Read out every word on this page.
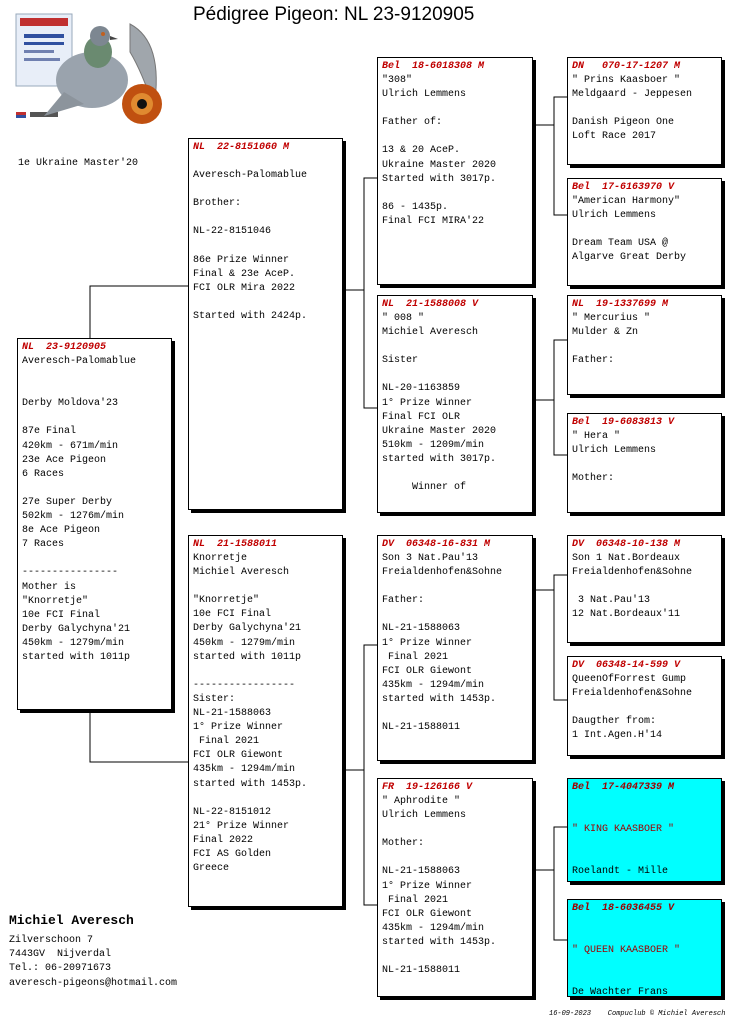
Pédigree Pigeon: NL 23-9120905
1e Ukraine Master'20
NL  23-9120905
Averesch-Palomablue

Derby Moldova'23

87e Final
420km - 671m/min
23e Ace Pigeon
6 Races

27e Super Derby
502km - 1276m/min
8e Ace Pigeon
7 Races

----------------
Mother is
"Knorretje"
10e FCI Final
Derby Galychyna'21
450km - 1279m/min
started with 1011p
NL  22-8151060 M

Averesch-Palomablue

Brother:

NL-22-8151046

86e Prize Winner
Final & 23e AceP.
FCI OLR Mira 2022

Started with 2424p.
NL  21-1588011
Knorretje
Michiel Averesch

"Knorretje"
10e FCI Final
Derby Galychyna'21
450km - 1279m/min
started with 1011p

-----------------
Sister:
NL-21-1588063
1° Prize Winner
Final 2021
FCI OLR Giewont
435km - 1294m/min
started with 1453p.

NL-22-8151012
21° Prize Winner
Final 2022
FCI AS Golden
Greece
Bel  18-6018308 M
"308"
Ulrich Lemmens

Father of:

13 & 20 AceP.
Ukraine Master 2020
Started with 3017p.

86 - 1435p.
Final FCI MIRA'22
NL  21-1588008 V
" 008 "
Michiel Averesch

Sister

NL-20-1163859
1° Prize Winner
Final FCI OLR
Ukraine Master 2020
510km - 1209m/min
started with 3017p.

Winner of
DV  06348-16-831 M
Son 3 Nat.Pau'13
Freialdenhofen&Sohne

Father:

NL-21-1588063
1° Prize Winner
Final 2021
FCI OLR Giewont
435km - 1294m/min
started with 1453p.

NL-21-1588011
FR  19-126166 V
" Aphrodite "
Ulrich Lemmens

Mother:

NL-21-1588063
1° Prize Winner
Final 2021
FCI OLR Giewont
435km - 1294m/min
started with 1453p.

NL-21-1588011
DN   070-17-1207 M
" Prins Kaasboer "
Meldgaard - Jeppesen

Danish Pigeon One
Loft Race 2017
Bel  17-6163970 V
"American Harmony"
Ulrich Lemmens

Dream Team USA @
Algarve Great Derby
NL  19-1337699 M
" Mercurius "
Mulder & Zn

Father:
Bel  19-6083813 V
" Hera "
Ulrich Lemmens

Mother:
DV  06348-10-138 M
Son 1 Nat.Bordeaux
Freialdenhofen&Sohne

3 Nat.Pau'13
12 Nat.Bordeaux'11
DV  06348-14-599 V
QueenOfForrest Gump
Freialdenhofen&Sohne

Daugther from:
1 Int.Agen.H'14
Bel  17-4047339 M

" KING KAASBOER "

Roelandt - Mille

Bel  18-6036455 V

" QUEEN KAASBOER "

De Wachter Frans

Michiel Averesch
Zilverschoon 7
7443GV  Nijverdal
Tel.: 06-20971673
averesch-pigeons@hotmail.com
16-09-2023    Compuclub © Michiel Averesch
